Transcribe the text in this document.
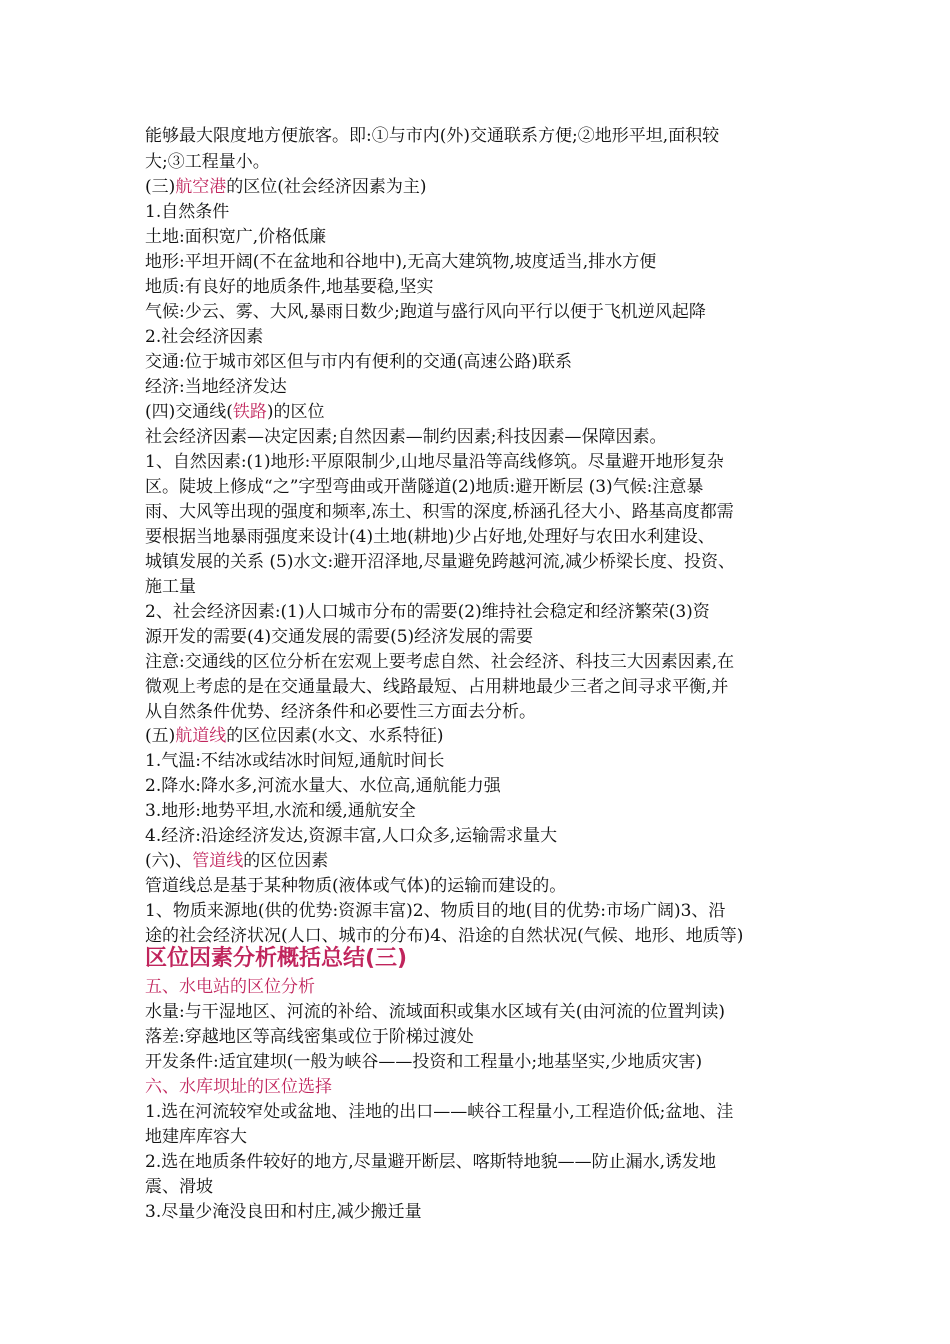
能够最大限度地方便旅客。即:①与市内(外)交通联系方便;②地形平坦,面积较
大;③工程量小。
(三)航空港的区位(社会经济因素为主)
1.自然条件
土地:面积宽广,价格低廉
地形:平坦开阔(不在盆地和谷地中),无高大建筑物,坡度适当,排水方便
地质:有良好的地质条件,地基要稳,坚实
气候:少云、雾、大风,暴雨日数少;跑道与盛行风向平行以便于飞机逆风起降
2.社会经济因素
交通:位于城市郊区但与市内有便利的交通(高速公路)联系
经济:当地经济发达
(四)交通线(铁路)的区位
社会经济因素—决定因素;自然因素—制约因素;科技因素—保障因素。
1、自然因素:(1)地形:平原限制少,山地尽量沿等高线修筑。尽量避开地形复杂
区。陡坡上修成“之”字型弯曲或开凿隧道(2)地质:避开断层 (3)气候:注意暴
雨、大风等出现的强度和频率,冻土、积雪的深度,桥涵孔径大小、路基高度都需
要根据当地暴雨强度来设计(4)土地(耕地)少占好地,处理好与农田水利建设、
城镇发展的关系 (5)水文:避开沼泽地,尽量避免跨越河流,减少桥梁长度、投资、
施工量
2、社会经济因素:(1)人口城市分布的需要(2)维持社会稳定和经济繁荣(3)资
源开发的需要(4)交通发展的需要(5)经济发展的需要
注意:交通线的区位分析在宏观上要考虑自然、社会经济、科技三大因素因素,在
微观上考虑的是在交通量最大、线路最短、占用耕地最少三者之间寻求平衡,并
从自然条件优势、经济条件和必要性三方面去分析。
(五)航道线的区位因素(水文、水系特征)
1.气温:不结冰或结冰时间短,通航时间长
2.降水:降水多,河流水量大、水位高,通航能力强
3.地形:地势平坦,水流和缓,通航安全
4.经济:沿途经济发达,资源丰富,人口众多,运输需求量大
(六)、管道线的区位因素
管道线总是基于某种物质(液体或气体)的运输而建设的。
1、物质来源地(供的优势:资源丰富)2、物质目的地(目的优势:市场广阔)3、沿
途的社会经济状况(人口、城市的分布)4、沿途的自然状况(气候、地形、地质等)
区位因素分析概括总结(三)
五、水电站的区位分析
水量:与干湿地区、河流的补给、流域面积或集水区域有关(由河流的位置判读)
落差:穿越地区等高线密集或位于阶梯过渡处
开发条件:适宜建坝(一般为峡谷——投资和工程量小;地基坚实,少地质灾害)
六、水库坝址的区位选择
1.选在河流较窄处或盆地、洼地的出口——峡谷工程量小,工程造价低;盆地、洼
地建库库容大
2.选在地质条件较好的地方,尽量避开断层、喀斯特地貌——防止漏水,诱发地
震、滑坡
3.尽量少淹没良田和村庄,减少搬迁量
